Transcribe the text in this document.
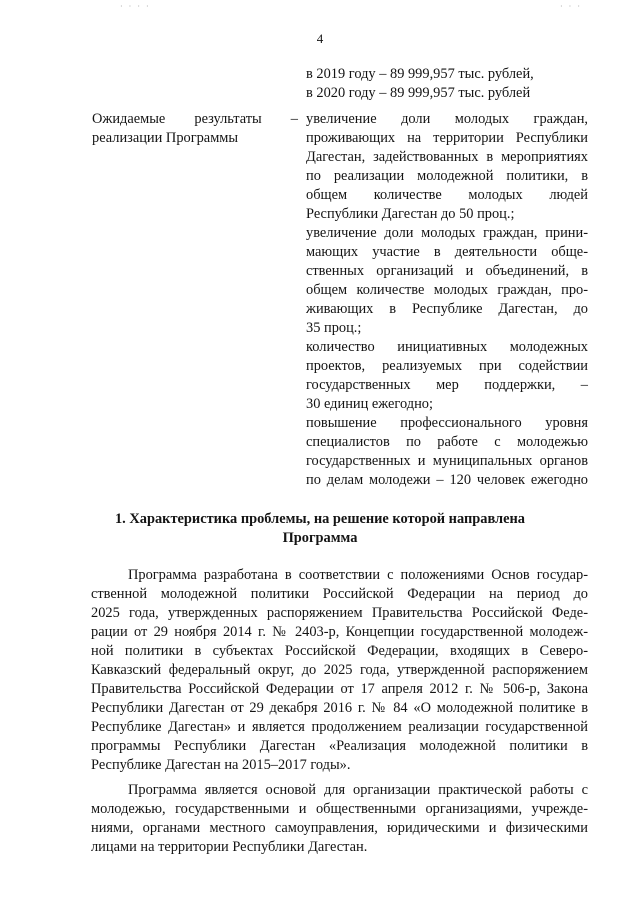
· · · ·	· · ·
4
в 2019 году – 89 999,957 тыс. рублей,
в 2020 году – 89 999,957 тыс. рублей
Ожидаемые результаты –
реализации Программы
увеличение доли молодых граждан,
проживающих на территории Республики
Дагестан, задействованных в мероприятиях
по реализации молодежной политики, в
общем количестве молодых людей
Республики Дагестан до 50 проц.;
увеличение доли молодых граждан, прини-
мающих участие в деятельности обще-
ственных организаций и объединений, в
общем количестве молодых граждан, про-
живающих в Республике Дагестан, до
35 проц.;
количество инициативных молодежных
проектов, реализуемых при содействии
государственных мер поддержки, –
30 единиц ежегодно;
повышение профессионального уровня
специалистов по работе с молодежью
государственных и муниципальных органов
по делам молодежи – 120 человек ежегодно
1. Характеристика проблемы, на решение которой направлена
Программа
Программа разработана в соответствии с положениями Основ государ-
ственной молодежной политики Российской Федерации на период до
2025 года, утвержденных распоряжением Правительства Российской Феде-
рации от 29 ноября 2014 г. № 2403-р, Концепции государственной молодеж-
ной политики в субъектах Российской Федерации, входящих в Северо-
Кавказский федеральный округ, до 2025 года, утвержденной распоряжением
Правительства Российской Федерации от 17 апреля 2012 г. № 506-р, Закона
Республики Дагестан от 29 декабря 2016 г. № 84 «О молодежной политике в
Республике Дагестан» и является продолжением реализации государственной
программы Республики Дагестан «Реализация молодежной политики в
Республике Дагестан на 2015–2017 годы».
Программа является основой для организации практической работы с
молодежью, государственными и общественными организациями, учрежде-
ниями, органами местного самоуправления, юридическими и физическими
лицами на территории Республики Дагестан.
